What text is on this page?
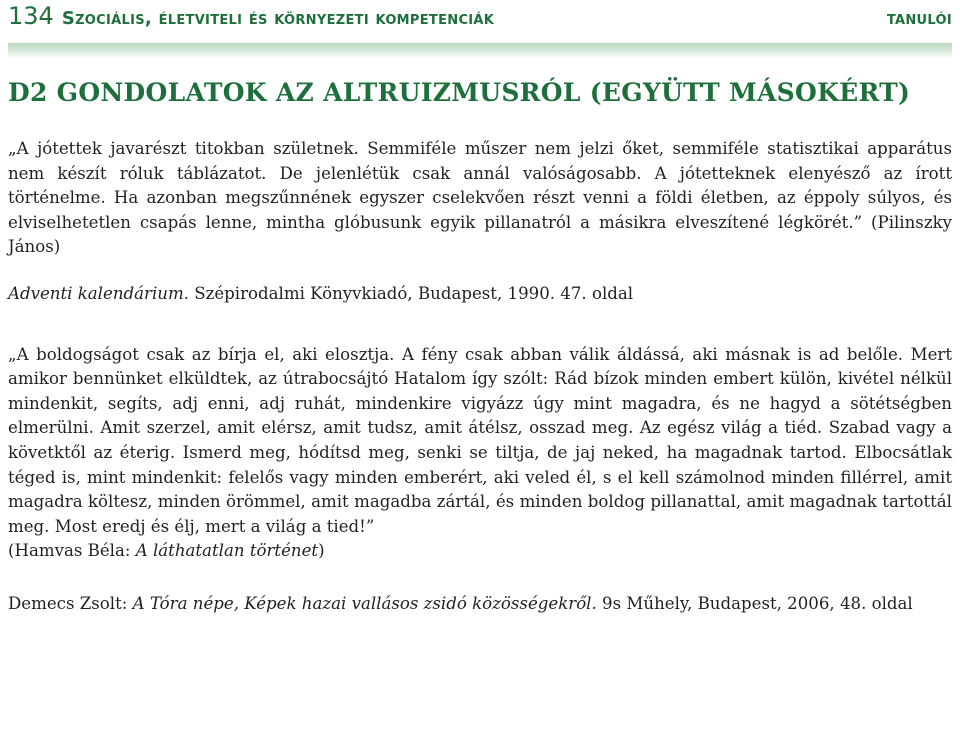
134 Szociális, életviteli és környezeti kompetenciák	tanulói
D2 GONDOLATOK AZ ALTRUIZMUSRÓL (EGYÜTT MÁSOKÉRT)

„A jótettek javarészt titokban születnek. Semmiféle műszer nem jelzi őket, semmiféle statisztikai apparátus nem készít róluk táblázatot. De jelenlétük csak annál valóságosabb. A jótetteknek elenyésző az írott történelme. Ha azonban megszűnnének egyszer cselekvően részt venni a földi életben, az éppoly súlyos, és elviselhetetlen csapás lenne, mintha glóbusunk egyik pillanatról a másikra elveszítené légkörét.” (Pilinszky János)

Adventi kalendárium. Szépirodalmi Könyvkiadó, Budapest, 1990. 47. oldal

„A boldogságot csak az bírja el, aki elosztja. A fény csak abban válik áldássá, aki másnak is ad belőle. Mert amikor bennünket elküldtek, az útrabocsájtó Hatalom így szólt: Rád bízok minden embert külön, kivétel nélkül mindenkit, segíts, adj enni, adj ruhát, mindenkire vigyázz úgy mint magadra, és ne hagyd a sötétségben elmerülni. Amit szerzel, amit elérsz, amit tudsz, amit átélsz, osszad meg. Az egész világ a tiéd. Szabad vagy a követktől az éterig. Ismerd meg, hódítsd meg, senki se tiltja, de jaj neked, ha magadnak tartod. Elbocsátlak téged is, mint mindenkit: felelős vagy minden emberért, aki veled él, s el kell számolnod minden fillérrel, amit magadra költesz, minden örömmel, amit magadba zártál, és minden boldog pillanattal, amit magadnak tartottál meg. Most eredj és élj, mert a világ a tied!”

(Hamvas Béla: A láthatatlan történet)

Demecs Zsolt: A Tóra népe, Képek hazai vallásos zsidó közösségekről. 9s Műhely, Budapest, 2006, 48. oldal
